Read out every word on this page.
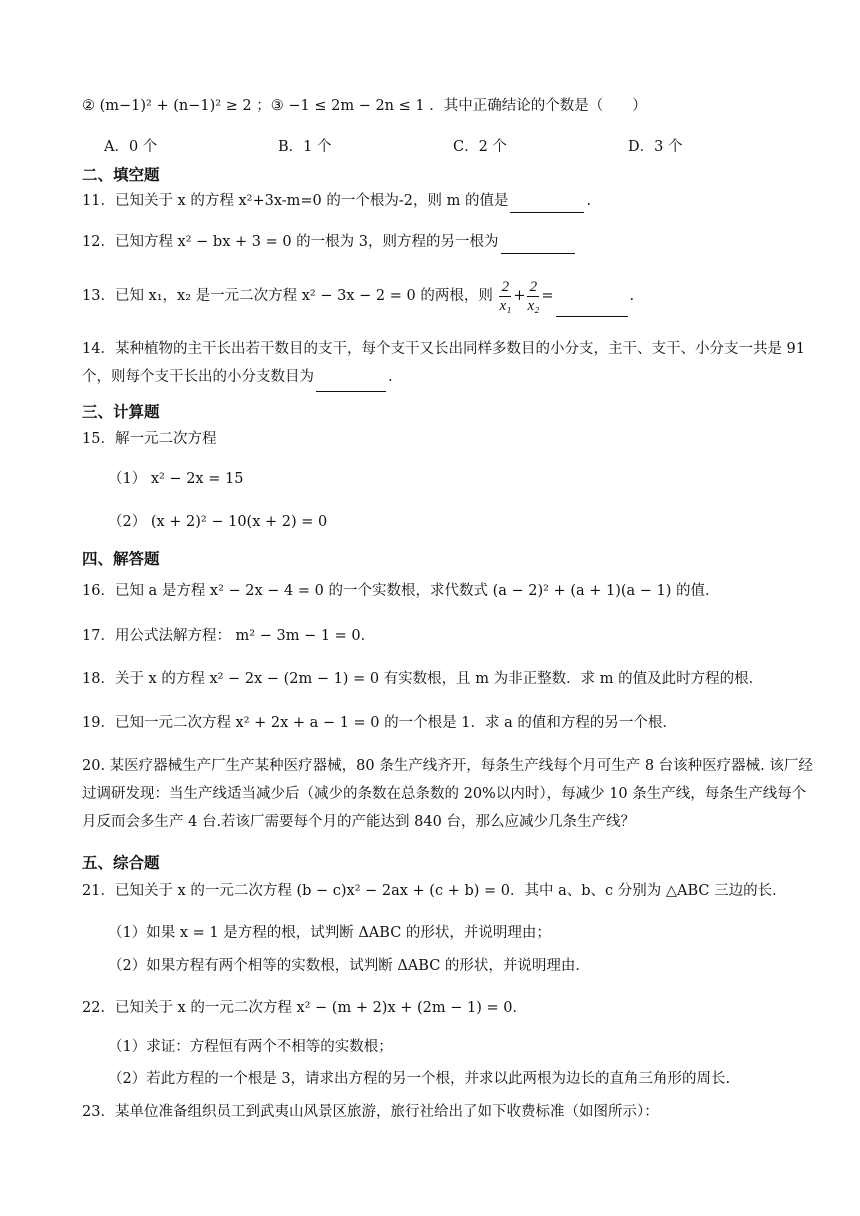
② (m−1)² + (n−1)² ≥ 2 ；③ −1 ≤ 2m − 2n ≤ 1 ．其中正确结论的个数是（　　）
A．0 个	B．1 个	C．2 个	D．3 个
二、填空题
11．已知关于 x 的方程 x²+3x-m=0 的一个根为-2，则 m 的值是	.
12．已知方程 x² − bx + 3 = 0 的一根为 3，则方程的另一根为
13．已知 x₁，x₂ 是一元二次方程 x² − 3x − 2 = 0 的两根，则 $\frac{2}{\text{x₁}} + \frac{2}{\text{x₂}}$ =	.
14．某种植物的主干长出若干数目的支干，每个支干又长出同样多数目的小分支，主干、支干、小分支一共是 91 个，则每个支干长出的小分支数目为	.
三、计算题
15．解一元二次方程
（1） x² − 2x = 15
（2） (x + 2)² − 10(x + 2) = 0
四、解答题
16．已知 a 是方程 x² − 2x − 4 = 0 的一个实数根，求代数式 (a − 2)² + (a + 1)(a − 1) 的值．
17．用公式法解方程： m² − 3m − 1 = 0．
18．关于 x 的方程 x² − 2x − (2m − 1) = 0 有实数根，且 m 为非正整数．求 m 的值及此时方程的根．
19．已知一元二次方程 x² + 2x + a − 1 = 0 的一个根是 1．求 a 的值和方程的另一个根．
20. 某医疗器械生产厂生产某种医疗器械，80 条生产线齐开，每条生产线每个月可生产 8 台该种医疗器械. 该厂经过调研发现：当生产线适当减少后（减少的条数在总条数的 20%以内时），每减少 10 条生产线，每条生产线每个月反而会多生产 4 台.若该厂需要每个月的产能达到 840 台，那么应减少几条生产线？
五、综合题
21．已知关于 x 的一元二次方程 (b − c)x² − 2ax + (c + b) = 0．其中 a、b、c 分别为 △ABC 三边的长．
（1）如果 x = 1 是方程的根，试判断 ΔABC 的形状，并说明理由；
（2）如果方程有两个相等的实数根，试判断 ΔABC 的形状，并说明理由．
22．已知关于 x 的一元二次方程 x² − (m + 2)x + (2m − 1) = 0．
（1）求证：方程恒有两个不相等的实数根；
（2）若此方程的一个根是 3，请求出方程的另一个根，并求以此两根为边长的直角三角形的周长.
23．某单位准备组织员工到武夷山风景区旅游，旅行社给出了如下收费标准（如图所示）：
